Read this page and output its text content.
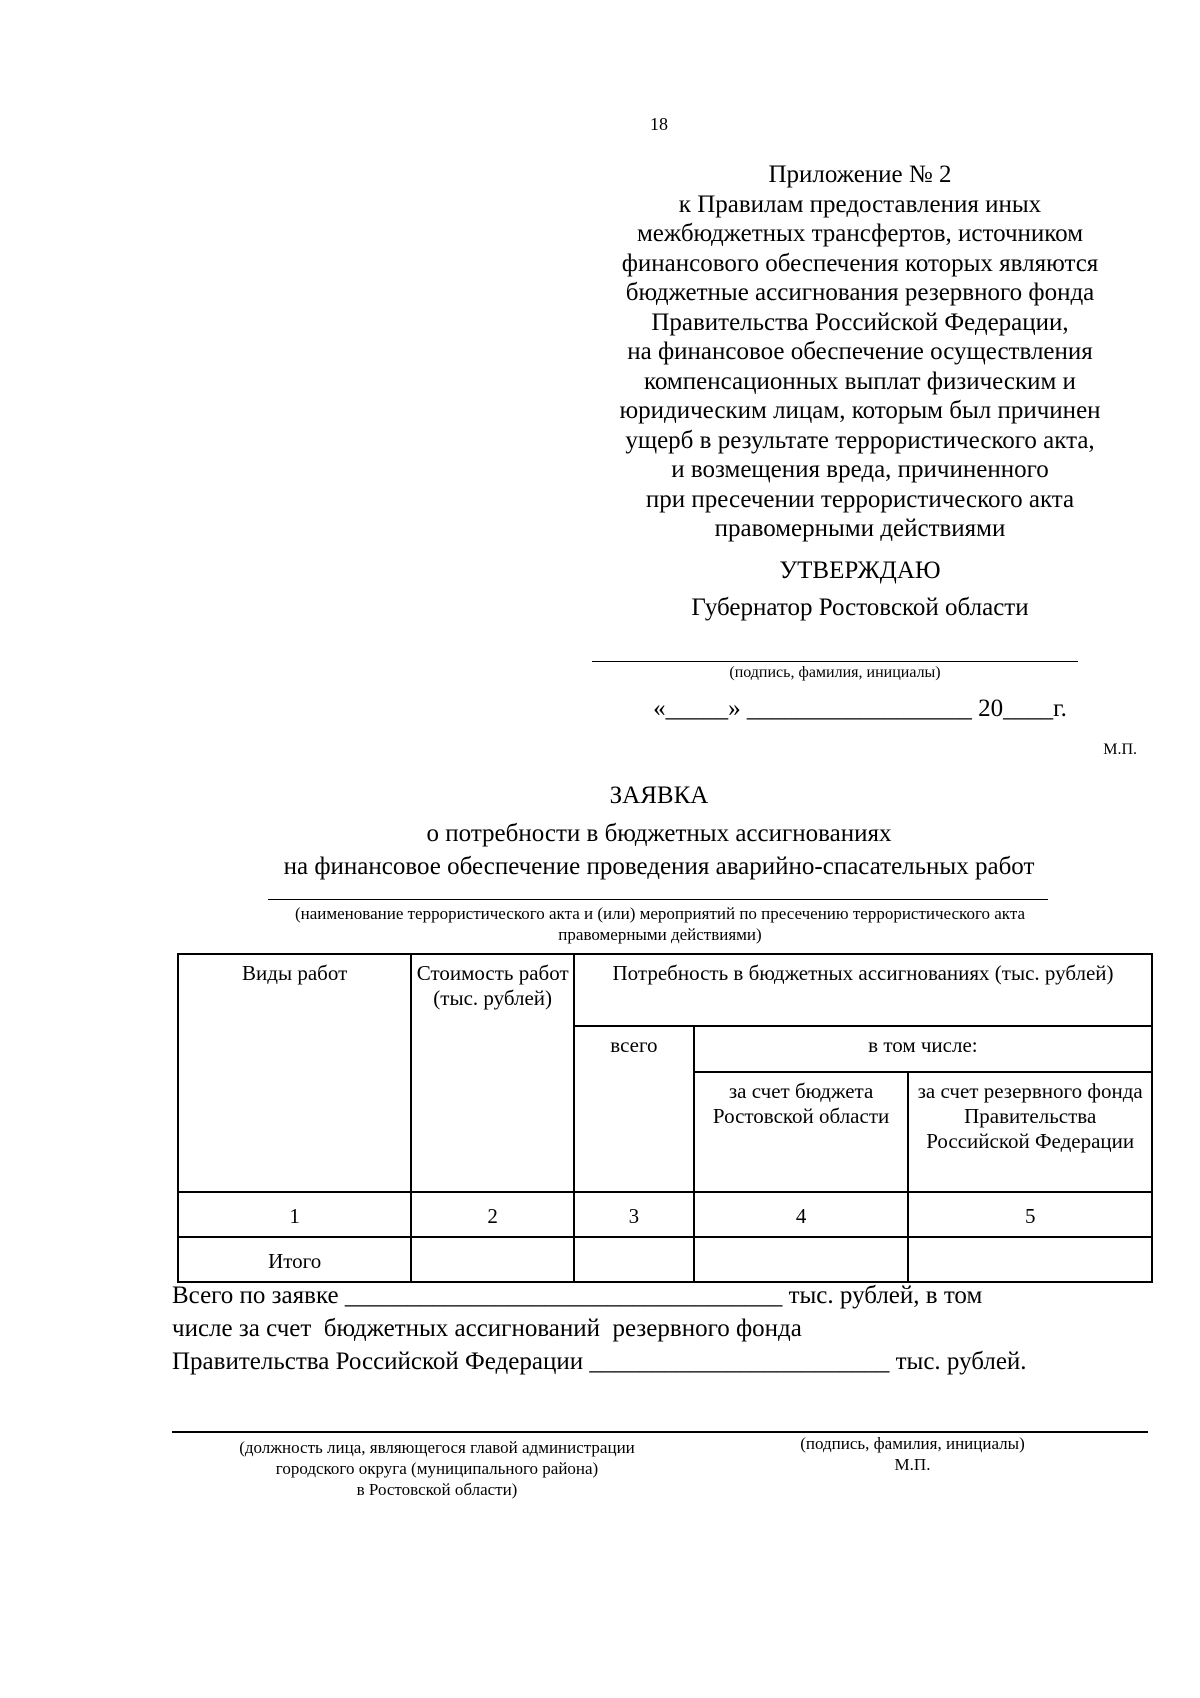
18
Приложение № 2
к Правилам предоставления иных
межбюджетных трансфертов, источником
финансового обеспечения которых являются
бюджетные ассигнования резервного фонда
Правительства Российской Федерации,
на финансовое обеспечение осуществления
компенсационных выплат физическим и
юридическим лицам, которым был причинен
ущерб в результате террористического акта,
и возмещения вреда, причиненного
при пресечении террористического акта
правомерными действиями
УТВЕРЖДАЮ
Губернатор Ростовской области
(подпись, фамилия, инициалы)
«_____» __________________ 20____г.
М.П.
ЗАЯВКА
о потребности в бюджетных ассигнованиях
на финансовое обеспечение проведения аварийно-спасательных работ
(наименование террористического акта и (или) мероприятий по пресечению террористического акта
правомерными действиями)
Виды работ	Стоимость работ (тыс. рублей)	Потребность в бюджетных ассигнованиях (тыс. рублей)		
		всего	в том числе:	
			за счет бюджета Ростовской области	за счет резервного фонда Правительства Российской Федерации
1	2	3	4	5
Итого				
Всего по заявке ___________________________________ тыс. рублей, в том
числе за счет  бюджетных ассигнований  резервного фонда
Правительства Российской Федерации ________________________ тыс. рублей.
(должность лица, являющегося главой администрации
городского округа (муниципального района)
в Ростовской области)
(подпись, фамилия, инициалы)
М.П.
